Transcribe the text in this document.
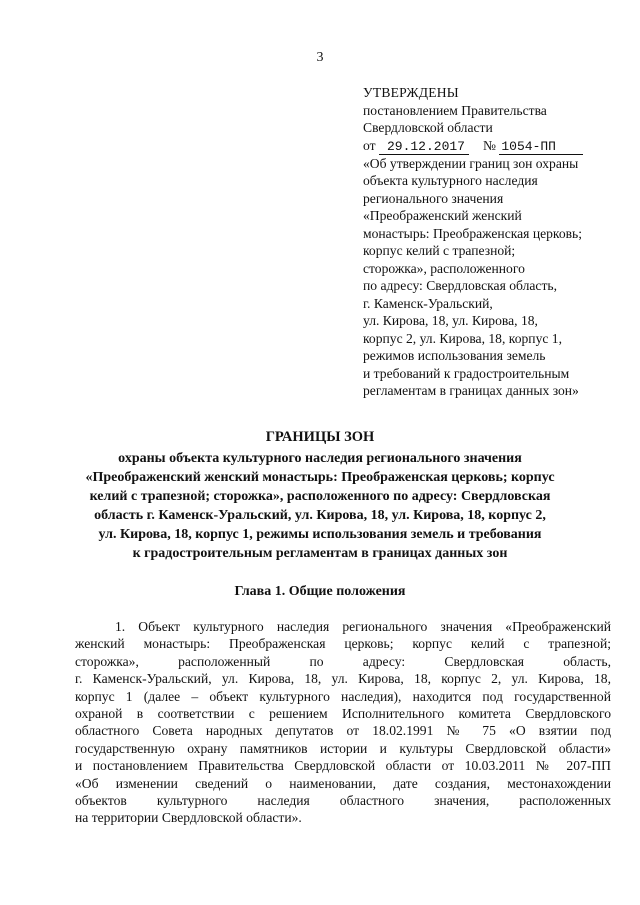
3
УТВЕРЖДЕНЫ
постановлением Правительства
Свердловской области
от 29.12.2017 № 1054-ПП
«Об утверждении границ зон охраны
объекта культурного наследия
регионального значения
«Преображенский женский
монастырь: Преображенская церковь;
корпус келий с трапезной;
сторожка», расположенного
по адресу: Свердловская область,
г. Каменск-Уральский,
ул. Кирова, 18, ул. Кирова, 18,
корпус 2, ул. Кирова, 18, корпус 1,
режимов использования земель
и требований к градостроительным
регламентам в границах данных зон»
ГРАНИЦЫ ЗОН
охраны объекта культурного наследия регионального значения
«Преображенский женский монастырь: Преображенская церковь; корпус
келий с трапезной; сторожка», расположенного по адресу: Свердловская
область г. Каменск-Уральский, ул. Кирова, 18, ул. Кирова, 18, корпус 2,
ул. Кирова, 18, корпус 1, режимы использования земель и требования
к градостроительным регламентам в границах данных зон
Глава 1. Общие положения
1. Объект культурного наследия регионального значения «Преображенский
женский монастырь: Преображенская церковь; корпус келий с трапезной;
сторожка», расположенный по адресу: Свердловская область,
г. Каменск-Уральский, ул. Кирова, 18, ул. Кирова, 18, корпус 2, ул. Кирова, 18,
корпус 1 (далее – объект культурного наследия), находится под государственной
охраной в соответствии с решением Исполнительного комитета Свердловского
областного Совета народных депутатов от 18.02.1991 № 75 «О взятии под
государственную охрану памятников истории и культуры Свердловской области»
и постановлением Правительства Свердловской области от 10.03.2011 № 207-ПП
«Об изменении сведений о наименовании, дате создания, местонахождении
объектов культурного наследия областного значения, расположенных
на территории Свердловской области».
